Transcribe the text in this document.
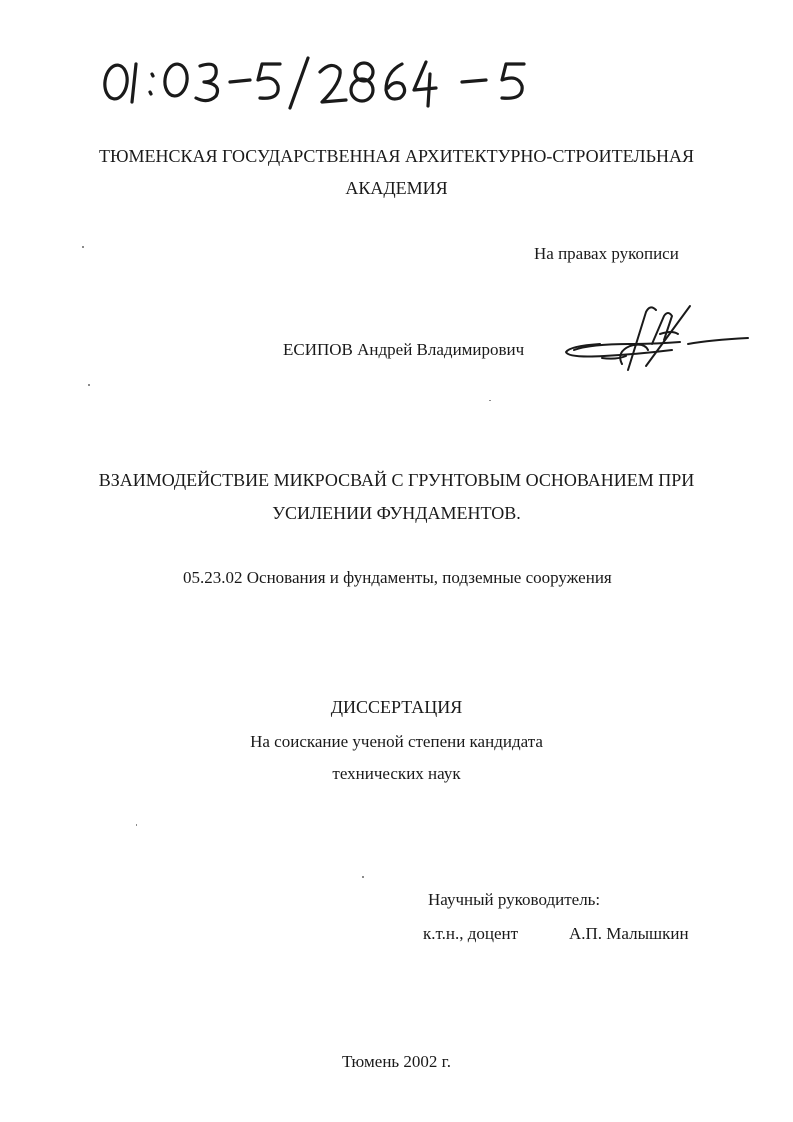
ТЮМЕНСКАЯ ГОСУДАРСТВЕННАЯ АРХИТЕКТУРНО-СТРОИТЕЛЬНАЯ
АКАДЕМИЯ
На правах рукописи
ЕСИПОВ Андрей Владимирович
ВЗАИМОДЕЙСТВИЕ МИКРОСВАЙ С ГРУНТОВЫМ ОСНОВАНИЕМ ПРИ
УСИЛЕНИИ ФУНДАМЕНТОВ.
05.23.02 Основания и фундаменты, подземные сооружения
ДИССЕРТАЦИЯ
На соискание ученой степени кандидата
технических наук
Научный руководитель:
к.т.н., доцент	А.П. Малышкин
Тюмень 2002 г.
